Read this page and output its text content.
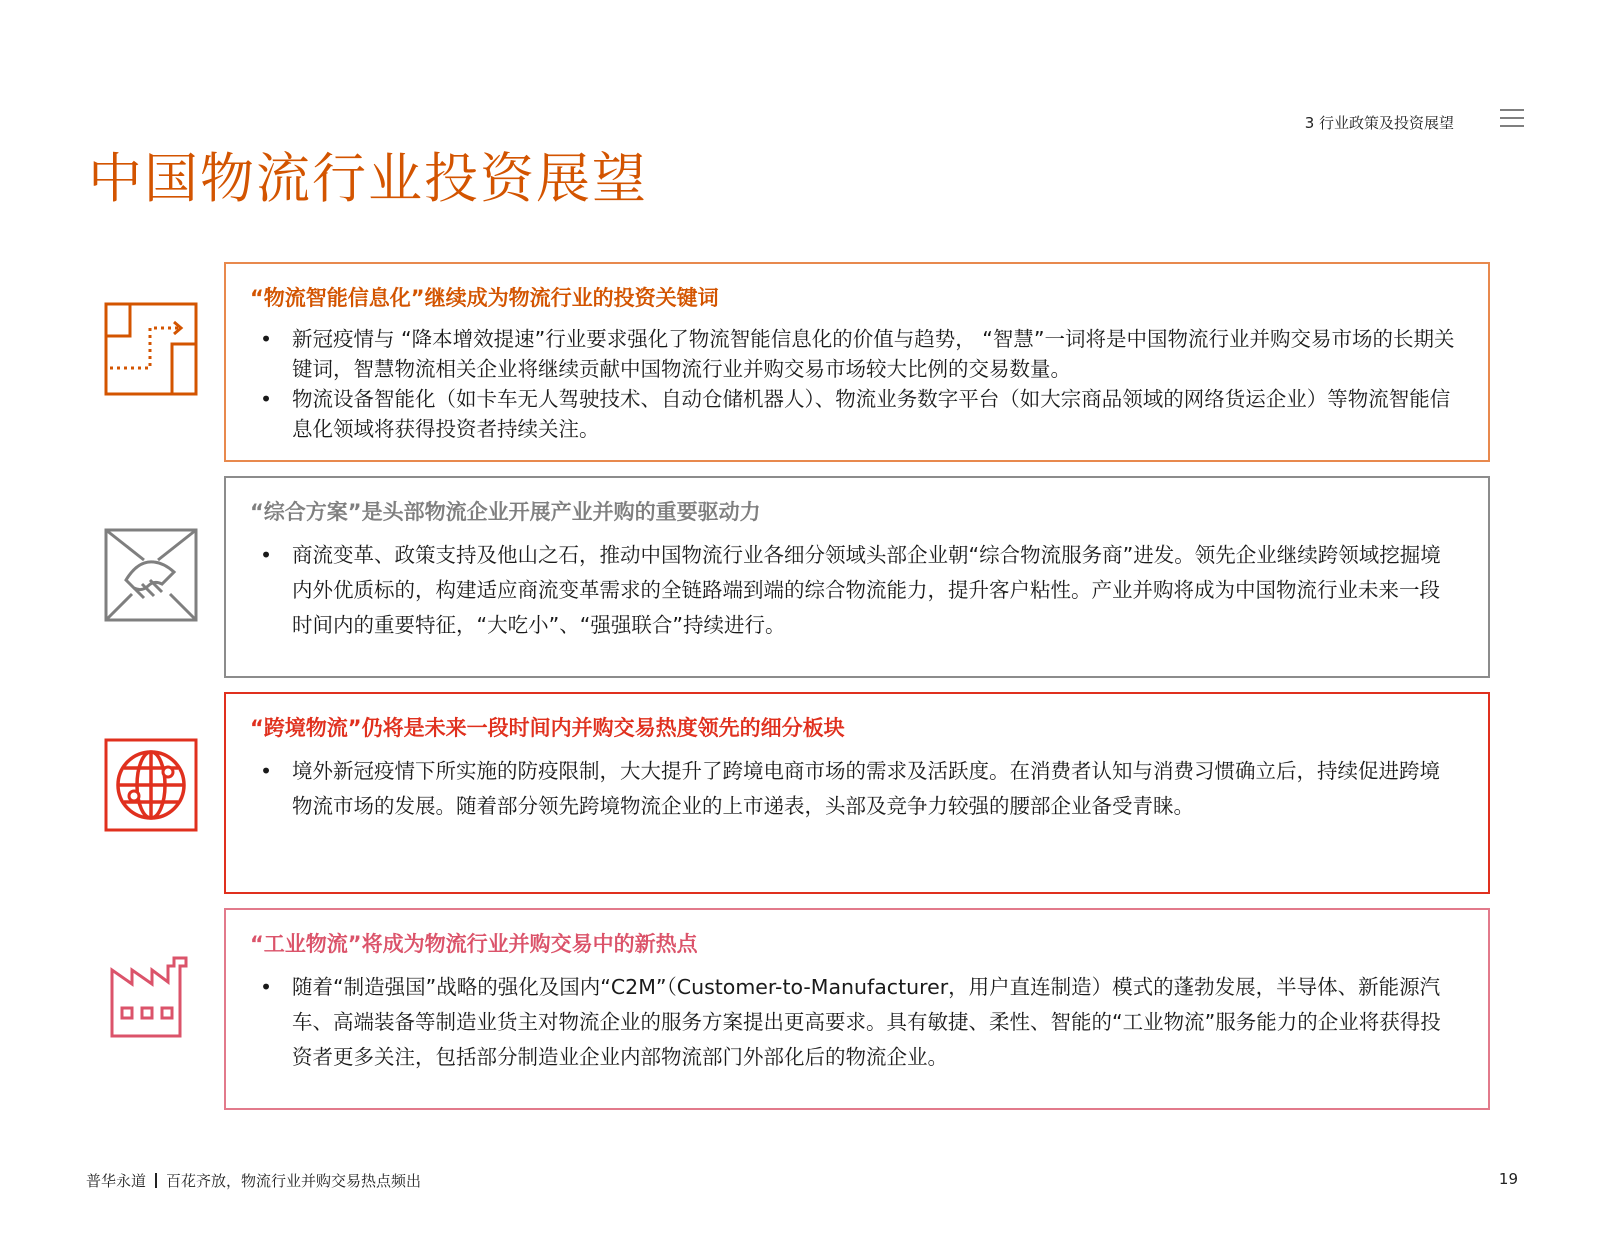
3 行业政策及投资展望
中国物流行业投资展望
“物流智能信息化”继续成为物流行业的投资关键词
• 新冠疫情与 “降本增效提速”行业要求强化了物流智能信息化的价值与趋势， “智慧”一词将是中国物流行业并购交易市场的长期关键词，智慧物流相关企业将继续贡献中国物流行业并购交易市场较大比例的交易数量。
• 物流设备智能化（如卡车无人驾驶技术、自动仓储机器人）、物流业务数字平台（如大宗商品领域的网络货运企业）等物流智能信息化领域将获得投资者持续关注。
“综合方案”是头部物流企业开展产业并购的重要驱动力
• 商流变革、政策支持及他山之石，推动中国物流行业各细分领域头部企业朝“综合物流服务商”进发。领先企业继续跨领域挖掘境内外优质标的，构建适应商流变革需求的全链路端到端的综合物流能力，提升客户粘性。产业并购将成为中国物流行业未来一段时间内的重要特征，“大吃小”、“强强联合”持续进行。
“跨境物流”仍将是未来一段时间内并购交易热度领先的细分板块
• 境外新冠疫情下所实施的防疫限制，大大提升了跨境电商市场的需求及活跃度。在消费者认知与消费习惯确立后，持续促进跨境物流市场的发展。随着部分领先跨境物流企业的上市递表，头部及竞争力较强的腰部企业备受青睐。
“工业物流”将成为物流行业并购交易中的新热点
• 随着“制造强国”战略的强化及国内“C2M”（Customer-to-Manufacturer，用户直连制造）模式的蓬勃发展，半导体、新能源汽车、高端装备等制造业货主对物流企业的服务方案提出更高要求。具有敏捷、柔性、智能的“工业物流”服务能力的企业将获得投资者更多关注，包括部分制造业企业内部物流部门外部化后的物流企业。
普华永道 百花齐放，物流行业并购交易热点频出	19
